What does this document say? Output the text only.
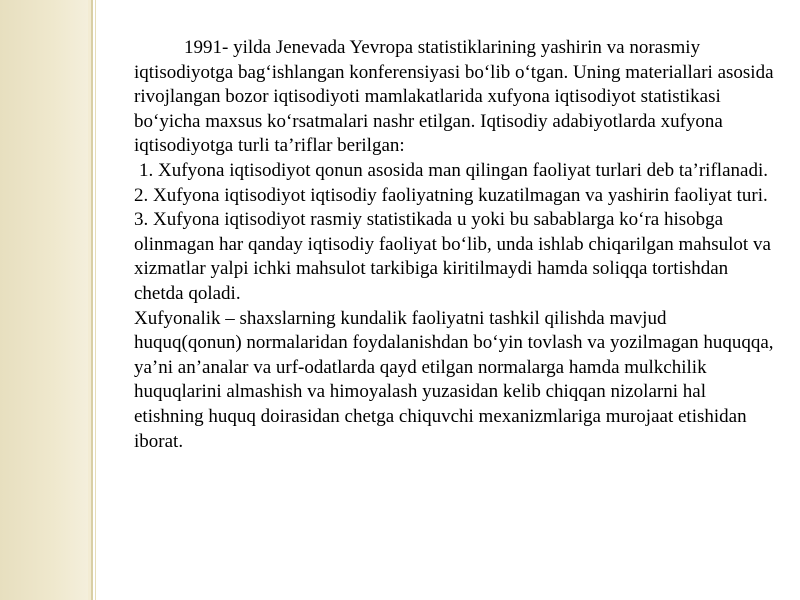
1991- yilda Jenevada Yevropa statistiklarining yashirin va norasmiy iqtisodiyotga bag‘ishlangan konferensiyasi bo‘lib o‘tgan. Uning materiallari asosida rivojlangan bozor iqtisodiyoti mamlakatlarida xufyona iqtisodiyot statistikasi bo‘yicha maxsus ko‘rsatmalari nashr etilgan. Iqtisodiy adabiyotlarda xufyona iqtisodiyotga turli ta’riflar berilgan:

1. Xufyona iqtisodiyot qonun asosida man qilingan faoliyat turlari deb ta’riflanadi.

2. Xufyona iqtisodiyot iqtisodiy faoliyatning kuzatilmagan va yashirin faoliyat turi.

3. Xufyona iqtisodiyot rasmiy statistikada u yoki bu sabablarga ko‘ra hisobga olinmagan har qanday iqtisodiy faoliyat bo‘lib, unda ishlab chiqarilgan mahsulot va xizmatlar yalpi ichki mahsulot tarkibiga kiritilmaydi hamda soliqqa tortishdan chetda qoladi.

Xufyonalik – shaxslarning kundalik faoliyatni tashkil qilishda mavjud huquq(qonun) normalaridan foydalanishdan bo‘yin tovlash va yozilmagan huquqqa, ya’ni an’analar va urf-odatlarda qayd etilgan normalarga hamda mulkchilik huquqlarini almashish va himoyalash yuzasidan kelib chiqqan nizolarni hal etishning huquq doirasidan chetga chiquvchi mexanizmlariga murojaat etishidan iborat.
